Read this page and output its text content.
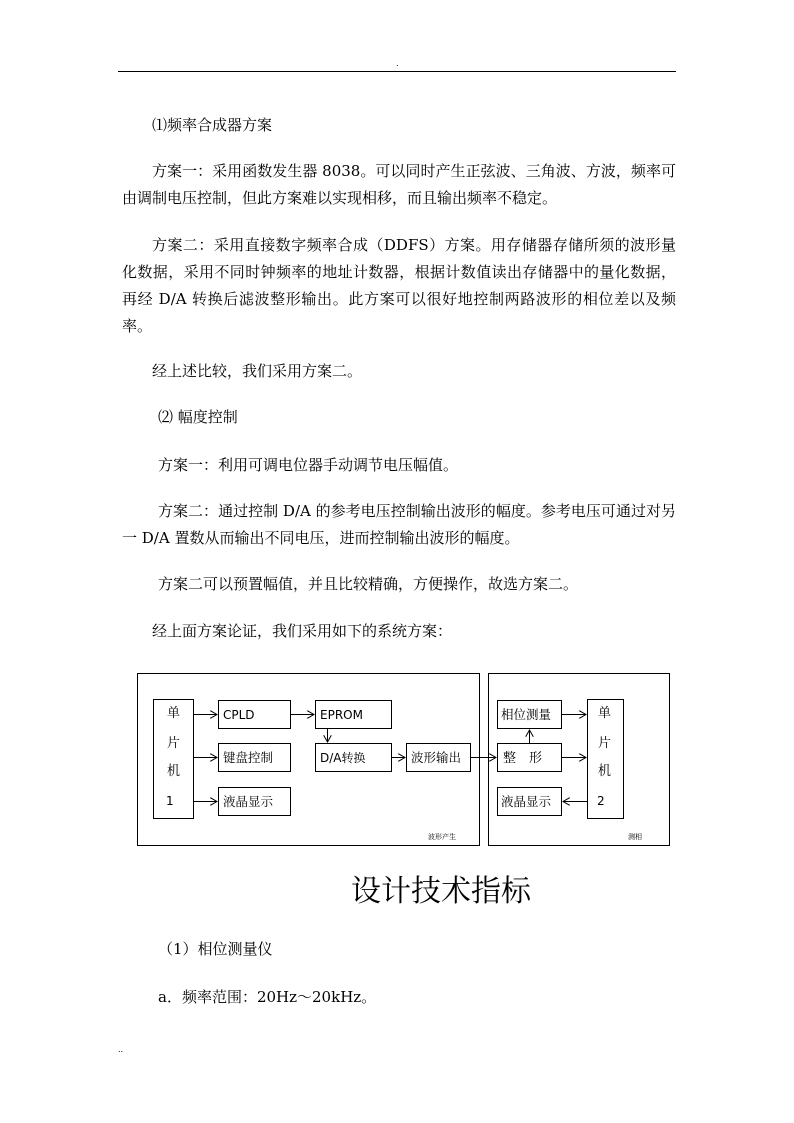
.

⑴频率合成器方案

方案一：采用函数发生器 8038。可以同时产生正弦波、三角波、方波，频率可由调制电压控制，但此方案难以实现相移，而且输出频率不稳定。

方案二：采用直接数字频率合成（DDFS）方案。用存储器存储所须的波形量化数据，采用不同时钟频率的地址计数器，根据计数值读出存储器中的量化数据，再经 D/A 转换后滤波整形输出。此方案可以很好地控制两路波形的相位差以及频率。

经上述比较，我们采用方案二。

⑵ 幅度控制

方案一：利用可调电位器手动调节电压幅值。

方案二：通过控制 D/A 的参考电压控制输出波形的幅度。参考电压可通过对另一 D/A 置数从而输出不同电压，进而控制输出波形的幅度。

方案二可以预置幅值，并且比较精确，方便操作，故选方案二。

经上面方案论证，我们采用如下的系统方案：

单
片
机
1
CPLD
键盘控制
液晶显示
EPROM
D/A转换	波形输出
相位测量
整　形
液晶显示
单
片
机
2
波形产生	测相
设计技术指标

（1）相位测量仪

a．频率范围：20Hz～20kHz。

..
